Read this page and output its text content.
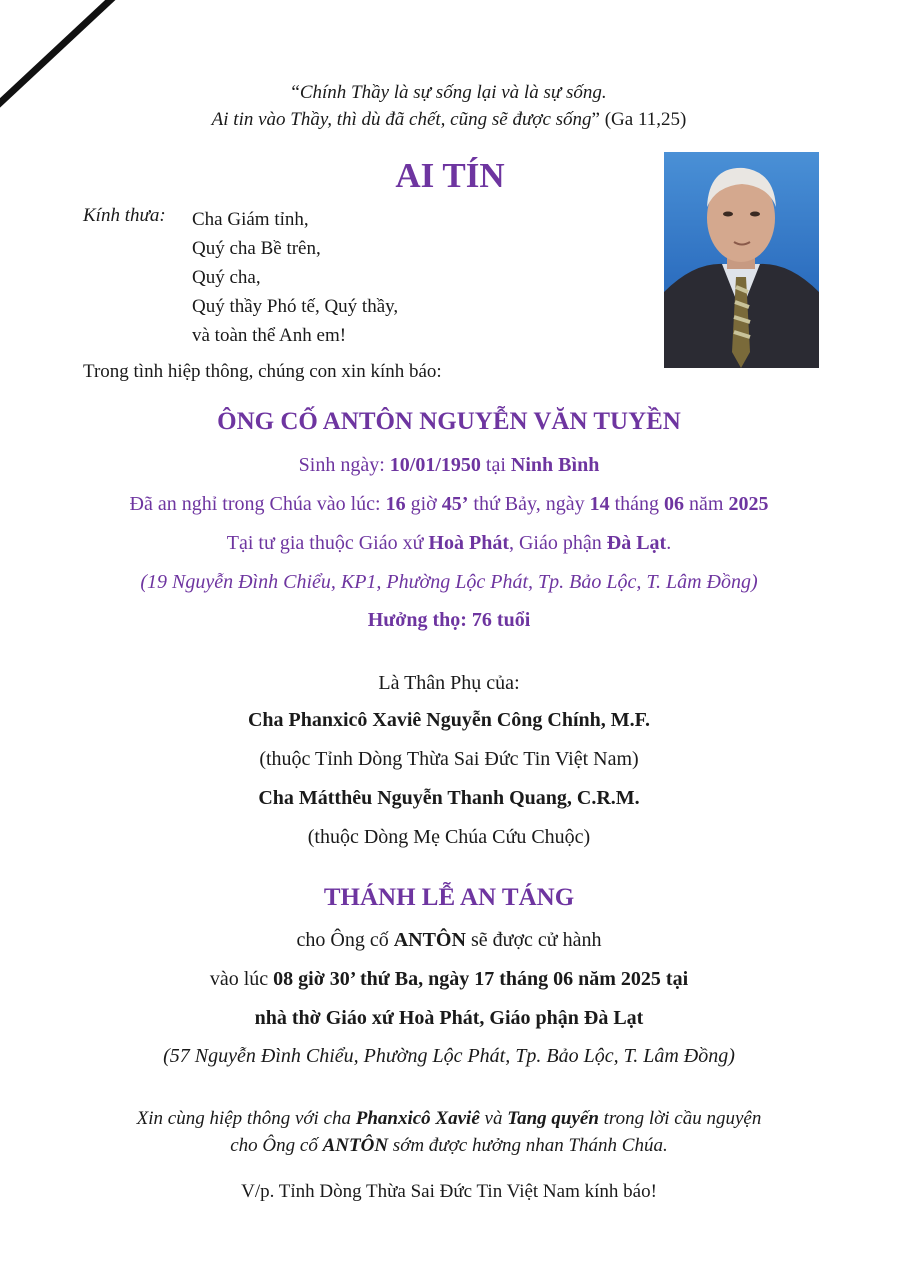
“Chính Thầy là sự sống lại và là sự sống.
Ai tin vào Thầy, thì dù đã chết, cũng sẽ được sống” (Ga 11,25)
AI TÍN
Kính thưa: Cha Giám tỉnh,
Quý cha Bề trên,
Quý cha,
Quý thầy Phó tế, Quý thầy,
và toàn thể Anh em!
Trong tình hiệp thông, chúng con xin kính báo:
ÔNG CỐ ANTÔN NGUYỄN VĂN TUYỀN
Sinh ngày: 10/01/1950 tại Ninh Bình
Đã an nghỉ trong Chúa vào lúc: 16 giờ 45’ thứ Bảy, ngày 14 tháng 06 năm 2025
Tại tư gia thuộc Giáo xứ Hoà Phát, Giáo phận Đà Lạt.
(19 Nguyễn Đình Chiểu, KP1, Phường Lộc Phát, Tp. Bảo Lộc, T. Lâm Đồng)
Hưởng thọ: 76 tuổi
Là Thân Phụ của:
Cha Phanxicô Xaviê Nguyễn Công Chính, M.F.
(thuộc Tỉnh Dòng Thừa Sai Đức Tin Việt Nam)
Cha Mátthêu Nguyễn Thanh Quang, C.R.M.
(thuộc Dòng Mẹ Chúa Cứu Chuộc)
THÁNH LỄ AN TÁNG
cho Ông cố ANTÔN sẽ được cử hành
vào lúc 08 giờ 30’ thứ Ba, ngày 17 tháng 06 năm 2025 tại
nhà thờ Giáo xứ Hoà Phát, Giáo phận Đà Lạt
(57 Nguyễn Đình Chiểu, Phường Lộc Phát, Tp. Bảo Lộc, T. Lâm Đồng)
Xin cùng hiệp thông với cha Phanxicô Xaviê và Tang quyến trong lời cầu nguyện
cho Ông cố ANTÔN sớm được hưởng nhan Thánh Chúa.
V/p. Tỉnh Dòng Thừa Sai Đức Tin Việt Nam kính báo!
